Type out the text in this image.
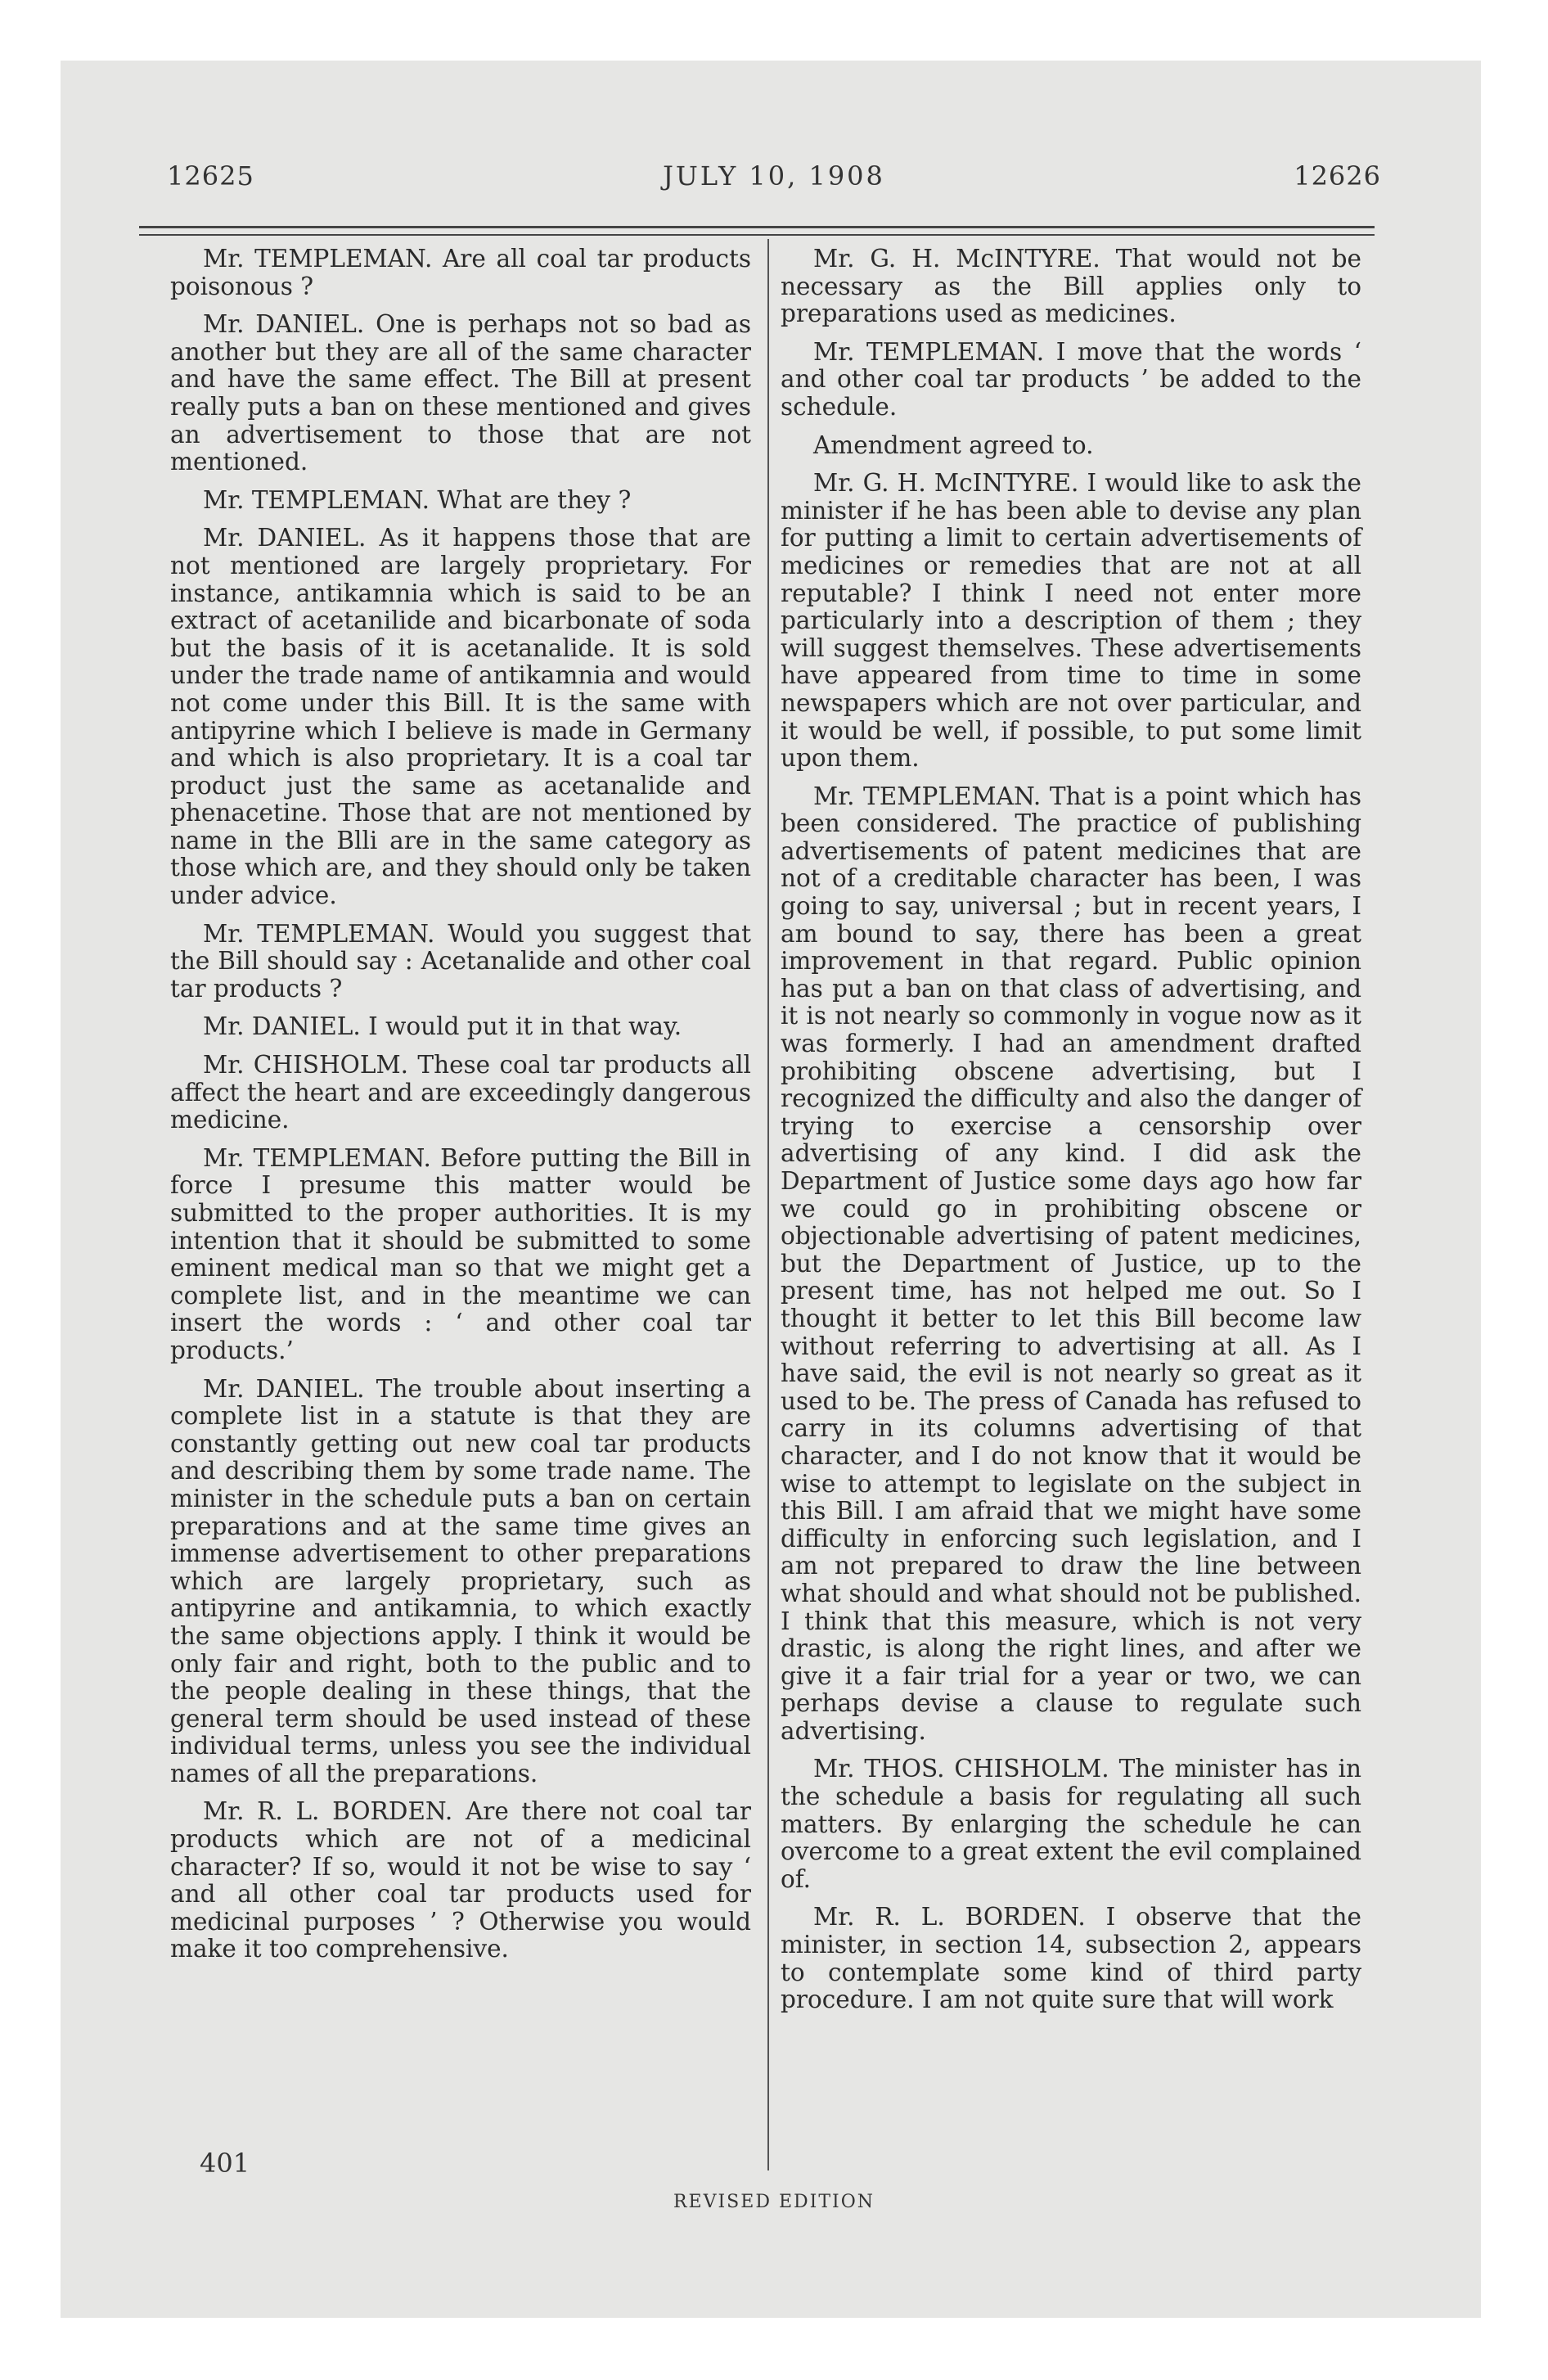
JULY 10, 1908
12625	12626

Mr. TEMPLEMAN. Are all coal tar products poisonous ?

Mr. DANIEL. One is perhaps not so bad as another but they are all of the same character and have the same effect. The Bill at present really puts a ban on these mentioned and gives an advertisement to those that are not mentioned.

Mr. TEMPLEMAN. What are they ?

Mr. DANIEL. As it happens those that are not mentioned are largely proprietary. For instance, antikamnia which is said to be an extract of acetanilide and bicarbonate of soda but the basis of it is acetanalide. It is sold under the trade name of antikamnia and would not come under this Bill. It is the same with antipyrine which I believe is made in Germany and which is also proprietary. It is a coal tar product just the same as acetanalide and phenacetine. Those that are not mentioned by name in the Blli are in the same category as those which are, and they should only be taken under advice.

Mr. TEMPLEMAN. Would you suggest that the Bill should say : Acetanalide and other coal tar products ?

Mr. DANIEL. I would put it in that way.

Mr. CHISHOLM. These coal tar products all affect the heart and are exceedingly dangerous medicine.

Mr. TEMPLEMAN. Before putting the Bill in force I presume this matter would be submitted to the proper authorities. It is my intention that it should be submitted to some eminent medical man so that we might get a complete list, and in the meantime we can insert the words : ‘ and other coal tar products.’

Mr. DANIEL. The trouble about inserting a complete list in a statute is that they are constantly getting out new coal tar products and describing them by some trade name. The minister in the schedule puts a ban on certain preparations and at the same time gives an immense advertisement to other preparations which are largely proprietary, such as antipyrine and antikamnia, to which exactly the same objections apply. I think it would be only fair and right, both to the public and to the people dealing in these things, that the general term should be used instead of these individual terms, unless you see the individual names of all the preparations.

Mr. R. L. BORDEN. Are there not coal tar products which are not of a medicinal character? If so, would it not be wise to say ‘ and all other coal tar products used for medicinal purposes ’ ? Otherwise you would make it too comprehensive.

Mr. G. H. McINTYRE. That would not be necessary as the Bill applies only to preparations used as medicines.

Mr. TEMPLEMAN. I move that the words ‘ and other coal tar products ’ be added to the schedule.

Amendment agreed to.

Mr. G. H. McINTYRE. I would like to ask the minister if he has been able to devise any plan for putting a limit to certain advertisements of medicines or remedies that are not at all reputable? I think I need not enter more particularly into a description of them ; they will suggest themselves. These advertisements have appeared from time to time in some newspapers which are not over particular, and it would be well, if possible, to put some limit upon them.

Mr. TEMPLEMAN. That is a point which has been considered. The practice of publishing advertisements of patent medicines that are not of a creditable character has been, I was going to say, universal ; but in recent years, I am bound to say, there has been a great improvement in that regard. Public opinion has put a ban on that class of advertising, and it is not nearly so commonly in vogue now as it was formerly. I had an amendment drafted prohibiting obscene advertising, but I recognized the difficulty and also the danger of trying to exercise a censorship over advertising of any kind. I did ask the Department of Justice some days ago how far we could go in prohibiting obscene or objectionable advertising of patent medicines, but the Department of Justice, up to the present time, has not helped me out. So I thought it better to let this Bill become law without referring to advertising at all. As I have said, the evil is not nearly so great as it used to be. The press of Canada has refused to carry in its columns advertising of that character, and I do not know that it would be wise to attempt to legislate on the subject in this Bill. I am afraid that we might have some difficulty in enforcing such legislation, and I am not prepared to draw the line between what should and what should not be published. I think that this measure, which is not very drastic, is along the right lines, and after we give it a fair trial for a year or two, we can perhaps devise a clause to regulate such advertising.

Mr. THOS. CHISHOLM. The minister has in the schedule a basis for regulating all such matters. By enlarging the schedule he can overcome to a great extent the evil complained of.

Mr. R. L. BORDEN. I observe that the minister, in section 14, subsection 2, appears to contemplate some kind of third party procedure. I am not quite sure that will work

401
REVISED EDITION
